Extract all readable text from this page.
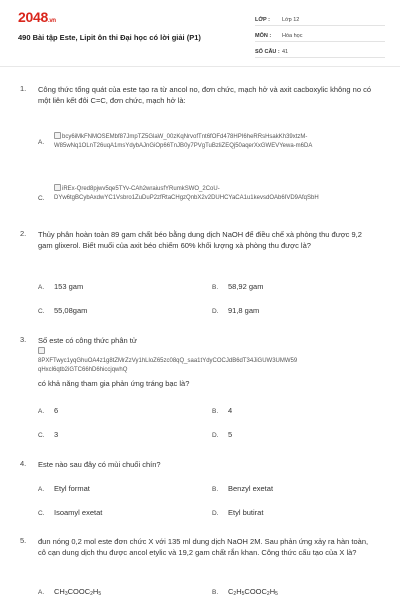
2048.vn
490 Bài tập Este, Lipit ôn thi Đại học có lời giải (P1)
LỚP :	Lớp 12
MÔN :	Hóa học
SỐ CÂU : 41
1. Công thức tổng quát của este tạo ra từ ancol no, đơn chức, mạch hở và axit cacboxylic không no có một liên kết đôi C=C, đơn chức, mạch hở là:
A.
bcy6iMkFNMOSEMbf87JmpTZ5GlaW_00zKqNrvofTnt6fOFd478HPI6heRRsHsakKh39xtzM-
W85wNq1OLnT26uqA1msYdybAJnGiOp66TnJB0y7PVgTuBzliZEQj50aqerXxGWEVYewa-m6DA
C.
iREx-Qred8pjwv5qe5TYv-CAh2wraiusfYRumkSWO_2CoU-
DYw6tgBCybAxdwYC1Vsbro1ZuDuP2zfRtaCHgzQnbX2v2DUHCYaCA1u1kevsdOAb6IVD9AfqSbH
2. Thủy phân hoàn toàn 89 gam chất béo bằng dung dịch NaOH để điều chế xà phòng thu được 9,2 gam glixerol. Biết muối của axit béo chiếm 60% khối lượng xà phòng thu được là?
A. 153 gam	B. 58,92 gam
C. 55,08gam	D. 91,8 gam
3. Số este có công thức phân tử
8PXFTwyc1yqGhuOA4z1g8tZMrZzVy1hLloZ65zc08qQ_saa1tYdyCOCJdB6dT34JiGUW3UMW59
qHxcl6qtb2iGTC66hD6hiccjqwhQ
có khả năng tham gia phản ứng tráng bạc là?
A. 6	B. 4
C. 3	D. 5
4. Este nào sau đây có mùi chuối chín?
A. Etyl format	B. Benzyl exetat
C. Isoamyl exetat	D. Etyl butirat
5. đun nóng 0,2 mol este đơn chức X với 135 ml dung dịch NaOH 2M. Sau phản ứng xảy ra hàn toàn, cô cạn dung dịch thu được ancol etylic và 19,2 gam chất rắn khan. Công thức cấu tạo của X là?
A. $CH_3COOC_2H_5$	B. $C_2H_5COOC_2H_5$
